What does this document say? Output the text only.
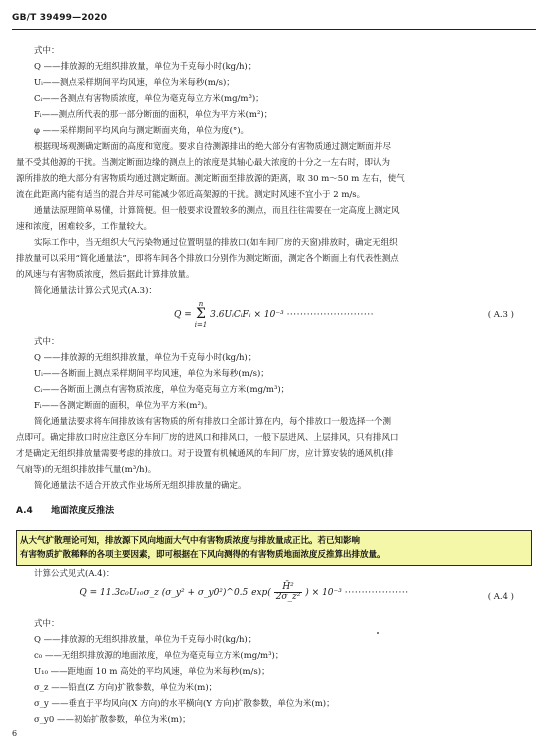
GB/T 39499—2020
式中：
Q ——排放源的无组织排放量，单位为千克每小时(kg/h)；
Uᵢ——测点采样期间平均风速，单位为米每秒(m/s)；
Cᵢ——各测点有害物质浓度，单位为毫克每立方米(mg/m³)；
Fᵢ——测点所代表的那一部分断面的面积，单位为平方米(m²)；
φ ——采样期间平均风向与测定断面夹角，单位为度(°)。
根据现场观测确定断面的高度和宽度。要求自待测源排出的绝大部分有害物质通过测定断面并尽
量不受其他源的干扰。当测定断面边缘的测点上的浓度是其轴心最大浓度的十分之一左右时，即认为
源所排放的绝大部分有害物质均通过测定断面。测定断面至排放源的距离，取 30 m～50 m 左右，使气
流在此距离内能有适当的混合并尽可能减少邻近高架源的干扰。测定时风速不宜小于 2 m/s。
通量法原理简单易懂，计算简便。但一般要求设置较多的测点，而且往往需要在一定高度上测定风
速和浓度，困难较多，工作量较大。
实际工作中，当无组织大气污染物通过位置明显的排放口(如车间厂房的天窗)排放时，确定无组织
排放量可以采用“简化通量法”，即将车间各个排放口分别作为测定断面，测定各个断面上有代表性测点
的风速与有害物质浓度，然后据此计算排放量。
简化通量法计算公式见式(A.3)：
Q =
n
Σ
i=1
3.6UᵢCᵢFᵢ × 10⁻³ ··························	( A.3 )
式中：
Q ——排放源的无组织排放量，单位为千克每小时(kg/h)；
Uᵢ——各断面上测点采样期间平均风速，单位为米每秒(m/s)；
Cᵢ——各断面上测点有害物质浓度，单位为毫克每立方米(mg/m³)；
Fᵢ——各测定断面的面积，单位为平方米(m²)。
简化通量法要求将车间排放该有害物质的所有排放口全部计算在内，每个排放口一般选择一个测
点即可。确定排放口时应注意区分车间厂房的进风口和排风口，一般下层进风、上层排风，只有排风口
才是确定无组织排放量需要考虑的排放口。对于设置有机械通风的车间厂房，应计算安装的通风机(排
气扇等)的无组织排放排气量(m³/h)。
简化通量法不适合开放式作业场所无组织排放量的确定。
A.4 地面浓度反推法
从大气扩散理论可知，排放源下风向地面大气中有害物质浓度与排放量成正比。若已知影响
有害物质扩散稀释的各项主要因素，即可根据在下风向测得的有害物质地面浓度反推算出排放量。
计算公式见式(A.4)：
Q = 11.3c₀U₁₀σ_z (σ_y² + σ_y0²)^0.5 $\exp( \frac{\text{H̄²}}{\text{2σ\_z²}}$ ) × 10⁻³ ···················	( A.4 )
式中：
Q ——排放源的无组织排放量，单位为千克每小时(kg/h)；
c₀ ——无组织排放源的地面浓度，单位为毫克每立方米(mg/m³)；
U₁₀ ——距地面 10 m 高处的平均风速，单位为米每秒(m/s)；
σ_z ——铅直(Z 方向)扩散参数，单位为米(m)；
σ_y ——垂直于平均风向(X 方向)的水平横向(Y 方向)扩散参数，单位为米(m)；
σ_y0 ——初始扩散参数，单位为米(m)；
6
